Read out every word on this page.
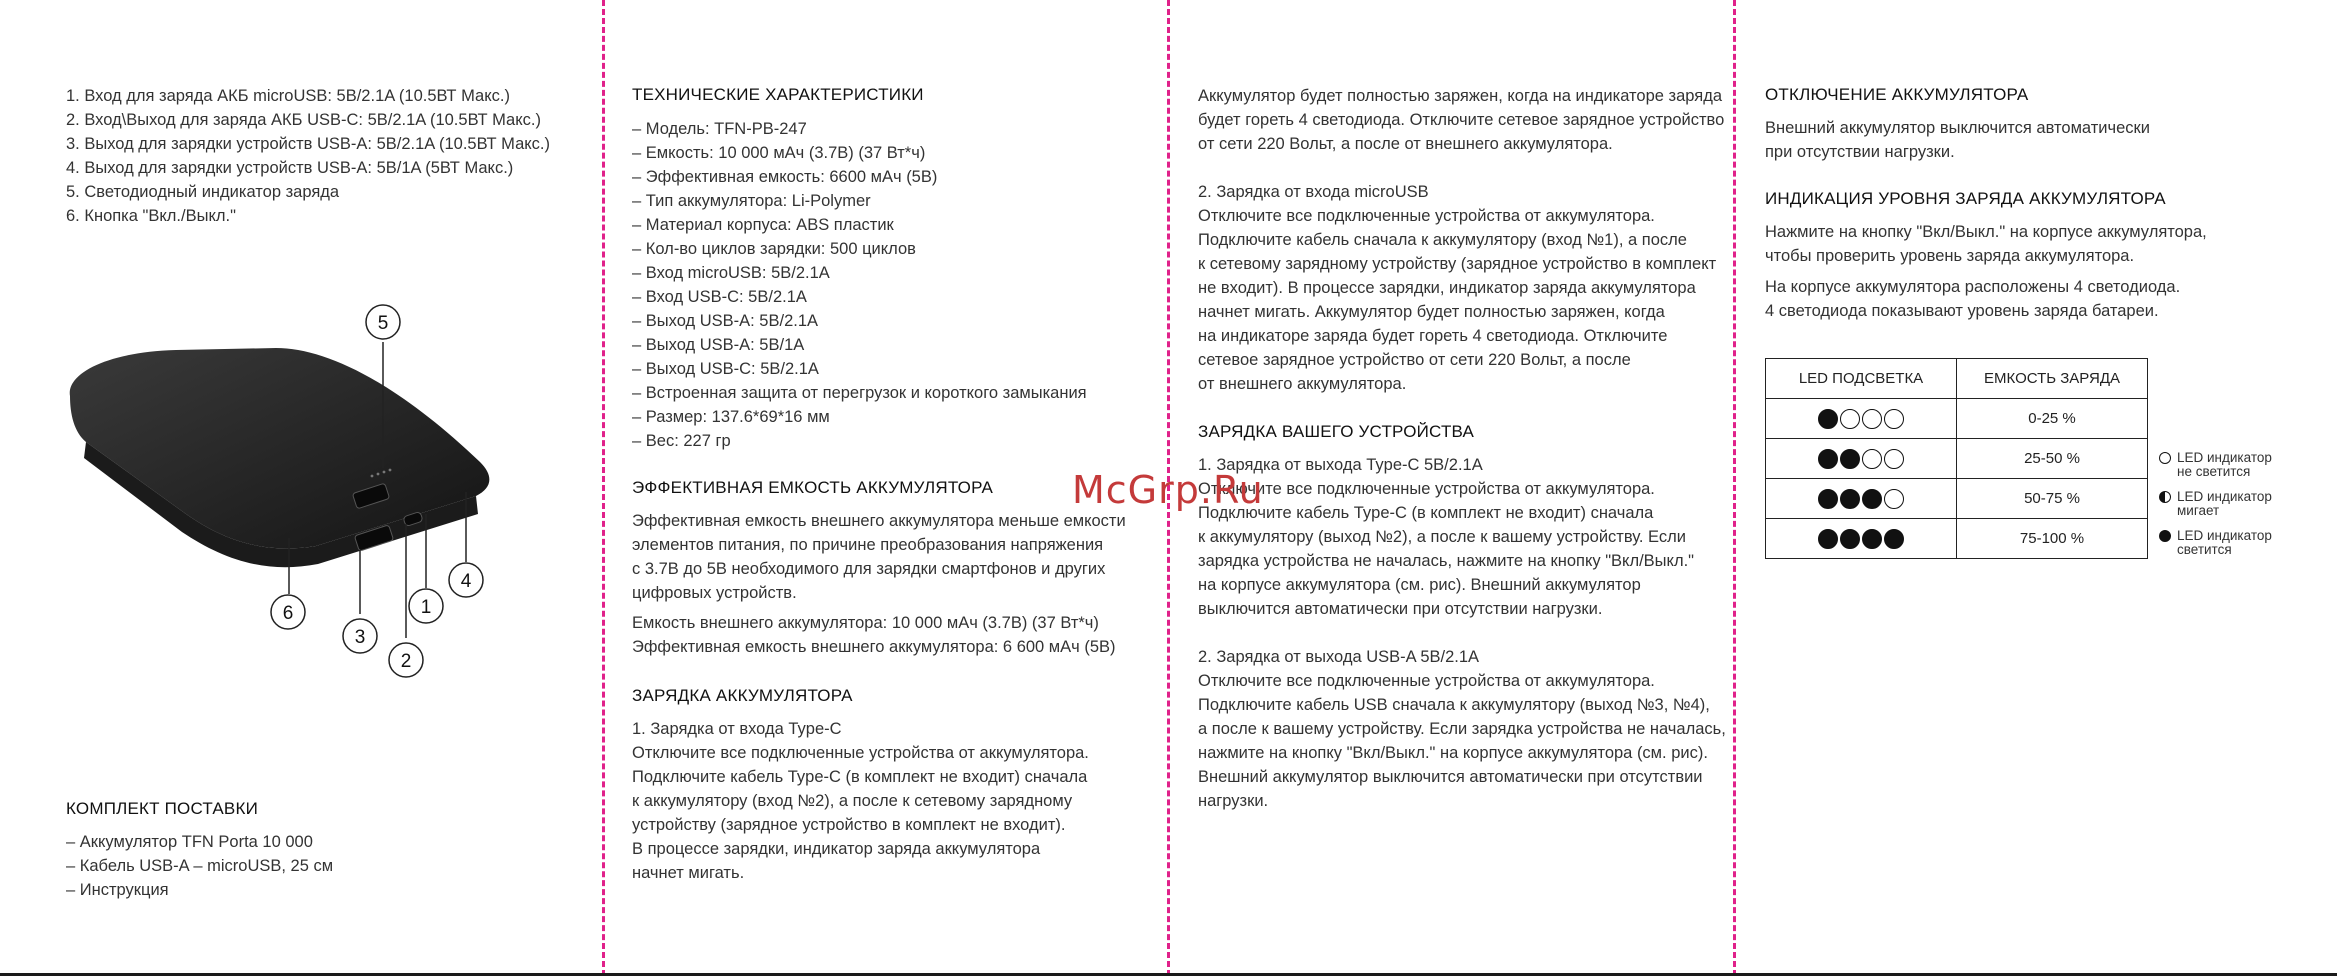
1. Вход для заряда АКБ microUSB: 5В/2.1A (10.5ВТ Макс.)
2. Вход\Выход для заряда АКБ USB-C: 5В/2.1A (10.5ВТ Макс.)
3. Выход для зарядки устройств USB-A: 5В/2.1A (10.5ВТ Макс.)
4. Выход для зарядки устройств USB-A: 5В/1A (5ВТ Макс.)
5. Светодиодный индикатор заряда
6. Кнопка "Вкл./Выкл."
5
6
3
2
1
4
КОМПЛЕКТ ПОСТАВКИ
– Аккумулятор TFN Porta 10 000
– Кабель USB-A – microUSB, 25 см
– Инструкция
ТЕХНИЧЕСКИЕ ХАРАКТЕРИСТИКИ
– Модель: TFN-PB-247
– Емкость: 10 000 мАч (3.7В) (37 Вт*ч)
– Эффективная емкость: 6600 мАч (5В)
– Тип аккумулятора: Li-Polymer
– Материал корпуса: ABS пластик
– Кол-во циклов зарядки: 500 циклов
– Вход microUSB: 5В/2.1A
– Вход USB-C: 5В/2.1A
– Выход USB-A: 5В/2.1A
– Выход USB-A: 5В/1A
– Выход USB-C: 5В/2.1A
– Встроенная защита от перегрузок и короткого замыкания
– Размер: 137.6*69*16 мм
– Вес: 227 гр
ЭФФЕКТИВНАЯ ЕМКОСТЬ АККУМУЛЯТОРА
Эффективная емкость внешнего аккумулятора меньше емкости
элементов питания, по причине преобразования напряжения
с 3.7В до 5В необходимого для зарядки смартфонов и других
цифровых устройств.
Емкость внешнего аккумулятора: 10 000 мАч (3.7В) (37 Вт*ч)
Эффективная емкость внешнего аккумулятора: 6 600 мАч (5В)
ЗАРЯДКА АККУМУЛЯТОРА
1. Зарядка от входа Type-C
Отключите все подключенные устройства от аккумулятора.
Подключите кабель Type-C (в комплект не входит) сначала
к аккумулятору (вход №2), а после к сетевому зарядному
устройству (зарядное устройство в комплект не входит).
В процессе зарядки, индикатор заряда аккумулятора
начнет мигать.
Аккумулятор будет полностью заряжен, когда на индикаторе заряда
будет гореть 4 светодиода. Отключите сетевое зарядное устройство
от сети 220 Вольт, а после от внешнего аккумулятора.
2. Зарядка от входа microUSB
Отключите все подключенные устройства от аккумулятора.
Подключите кабель сначала к аккумулятору (вход №1), а после
к сетевому зарядному устройству (зарядное устройство в комплект
не входит). В процессе зарядки, индикатор заряда аккумулятора
начнет мигать. Аккумулятор будет полностью заряжен, когда
на индикаторе заряда будет гореть 4 светодиода. Отключите
сетевое зарядное устройство от сети 220 Вольт, а после
от внешнего аккумулятора.
ЗАРЯДКА ВАШЕГО УСТРОЙСТВА
1. Зарядка от выхода Type-C 5В/2.1A
Отключите все подключенные устройства от аккумулятора.
Подключите кабель Type-C (в комплект не входит) сначала
к аккумулятору (выход №2), а после к вашему устройству. Если
зарядка устройства не началась, нажмите на кнопку "Вкл/Выкл."
на корпусе аккумулятора (см. рис). Внешний аккумулятор
выключится автоматически при отсутствии нагрузки.
2. Зарядка от выхода USB-A 5В/2.1A
Отключите все подключенные устройства от аккумулятора.
Подключите кабель USB сначала к аккумулятору (выход №3, №4),
а после к вашему устройству. Если зарядка устройства не началась,
нажмите на кнопку "Вкл/Выкл." на корпусе аккумулятора (см. рис).
Внешний аккумулятор выключится автоматически при отсутствии
нагрузки.
ОТКЛЮЧЕНИЕ АККУМУЛЯТОРА
Внешний аккумулятор выключится автоматически
при отсутствии нагрузки.
ИНДИКАЦИЯ УРОВНЯ ЗАРЯДА АККУМУЛЯТОРА
Нажмите на кнопку "Вкл/Выкл." на корпусе аккумулятора,
чтобы проверить уровень заряда аккумулятора.
На корпусе аккумулятора расположены 4 светодиода.
4 светодиода показывают уровень заряда батареи.
LED ПОДСВЕТКА	ЕМКОСТЬ ЗАРЯДА
	0-25 %
	25-50 %
	50-75 %
	75-100 %

LED индикатор
не светится

LED индикатор
мигает

LED индикатор
светится

McGrp.Ru
